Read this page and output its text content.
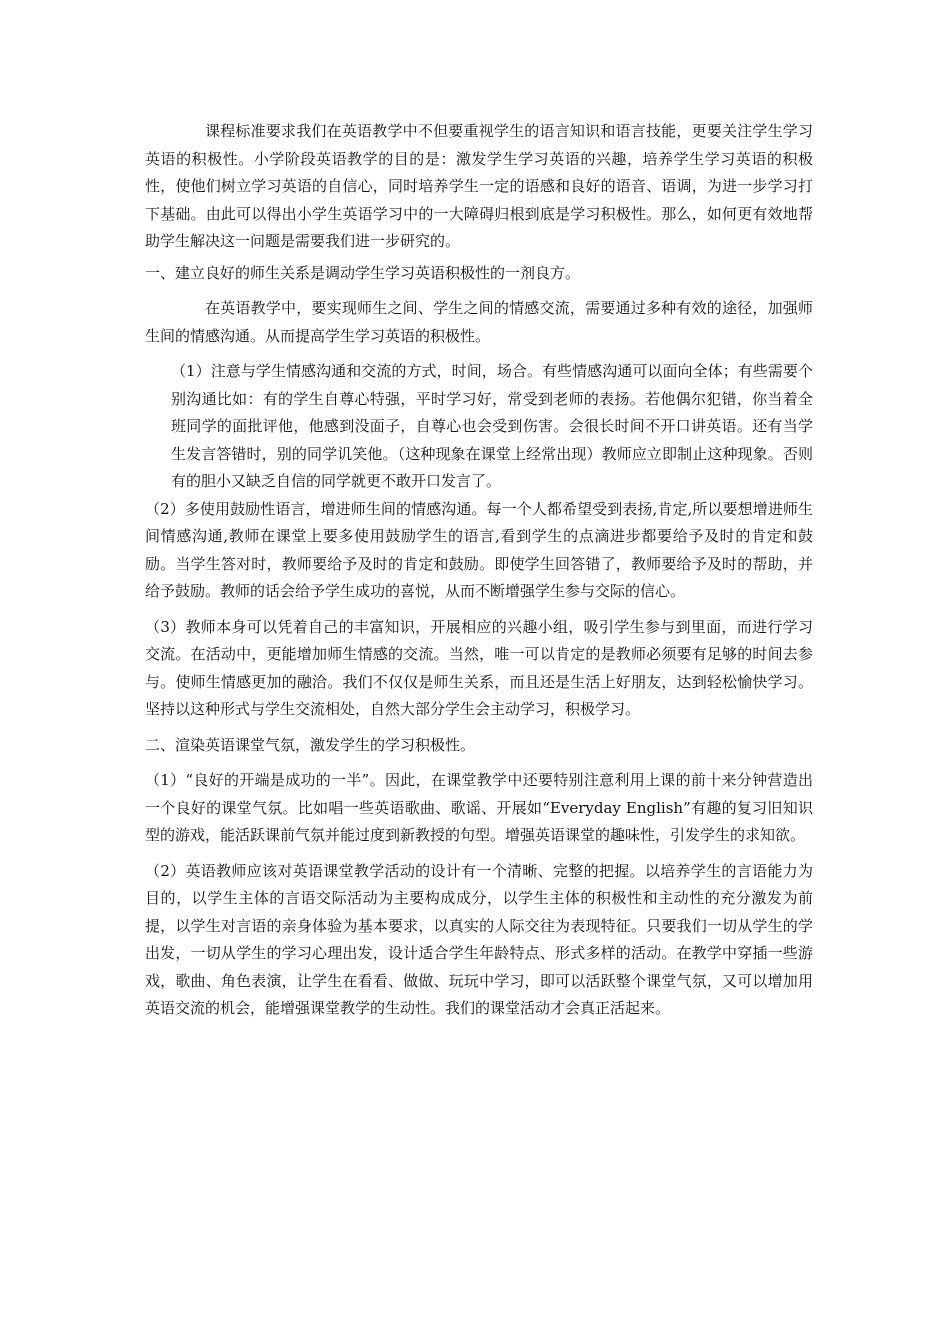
课程标准要求我们在英语教学中不但要重视学生的语言知识和语言技能，更要关注学生学习英语的积极性。小学阶段英语教学的目的是：激发学生学习英语的兴趣，培养学生学习英语的积极性，使他们树立学习英语的自信心，同时培养学生一定的语感和良好的语音、语调，为进一步学习打下基础。由此可以得出小学生英语学习中的一大障碍归根到底是学习积极性。那么，如何更有效地帮助学生解决这一问题是需要我们进一步研究的。

一、建立良好的师生关系是调动学生学习英语积极性的一剂良方。

在英语教学中，要实现师生之间、学生之间的情感交流，需要通过多种有效的途径，加强师生间的情感沟通。从而提高学生学习英语的积极性。

（1）注意与学生情感沟通和交流的方式，时间，场合。有些情感沟通可以面向全体；有些需要个别沟通比如：有的学生自尊心特强，平时学习好，常受到老师的表扬。若他偶尔犯错，你当着全班同学的面批评他，他感到没面子，自尊心也会受到伤害。会很长时间不开口讲英语。还有当学生发言答错时，别的同学讥笑他。（这种现象在课堂上经常出现）教师应立即制止这种现象。否则有的胆小又缺乏自信的同学就更不敢开口发言了。

（2）多使用鼓励性语言，增进师生间的情感沟通。每一个人都希望受到表扬,肯定,所以要想增进师生间情感沟通,教师在课堂上要多使用鼓励学生的语言,看到学生的点滴进步都要给予及时的肯定和鼓励。当学生答对时，教师要给予及时的肯定和鼓励。即使学生回答错了，教师要给予及时的帮助，并给予鼓励。教师的话会给予学生成功的喜悦，从而不断增强学生参与交际的信心。

（3）教师本身可以凭着自己的丰富知识，开展相应的兴趣小组，吸引学生参与到里面，而进行学习交流。在活动中，更能增加师生情感的交流。当然，唯一可以肯定的是教师必须要有足够的时间去参与。使师生情感更加的融洽。我们不仅仅是师生关系，而且还是生活上好朋友，达到轻松愉快学习。坚持以这种形式与学生交流相处，自然大部分学生会主动学习，积极学习。

二、渲染英语课堂气氛，激发学生的学习积极性。

（1）“良好的开端是成功的一半”。因此，在课堂教学中还要特别注意利用上课的前十来分钟营造出一个良好的课堂气氛。比如唱一些英语歌曲、歌谣、开展如“Everyday English”有趣的复习旧知识型的游戏，能活跃课前气氛并能过度到新教授的句型。增强英语课堂的趣味性，引发学生的求知欲。

（2）英语教师应该对英语课堂教学活动的设计有一个清晰、完整的把握。以培养学生的言语能力为目的，以学生主体的言语交际活动为主要构成成分，以学生主体的积极性和主动性的充分激发为前提，以学生对言语的亲身体验为基本要求，以真实的人际交往为表现特征。只要我们一切从学生的学出发，一切从学生的学习心理出发，设计适合学生年龄特点、形式多样的活动。在教学中穿插一些游戏，歌曲、角色表演，让学生在看看、做做、玩玩中学习，即可以活跃整个课堂气氛，又可以增加用英语交流的机会，能增强课堂教学的生动性。我们的课堂活动才会真正活起来。
